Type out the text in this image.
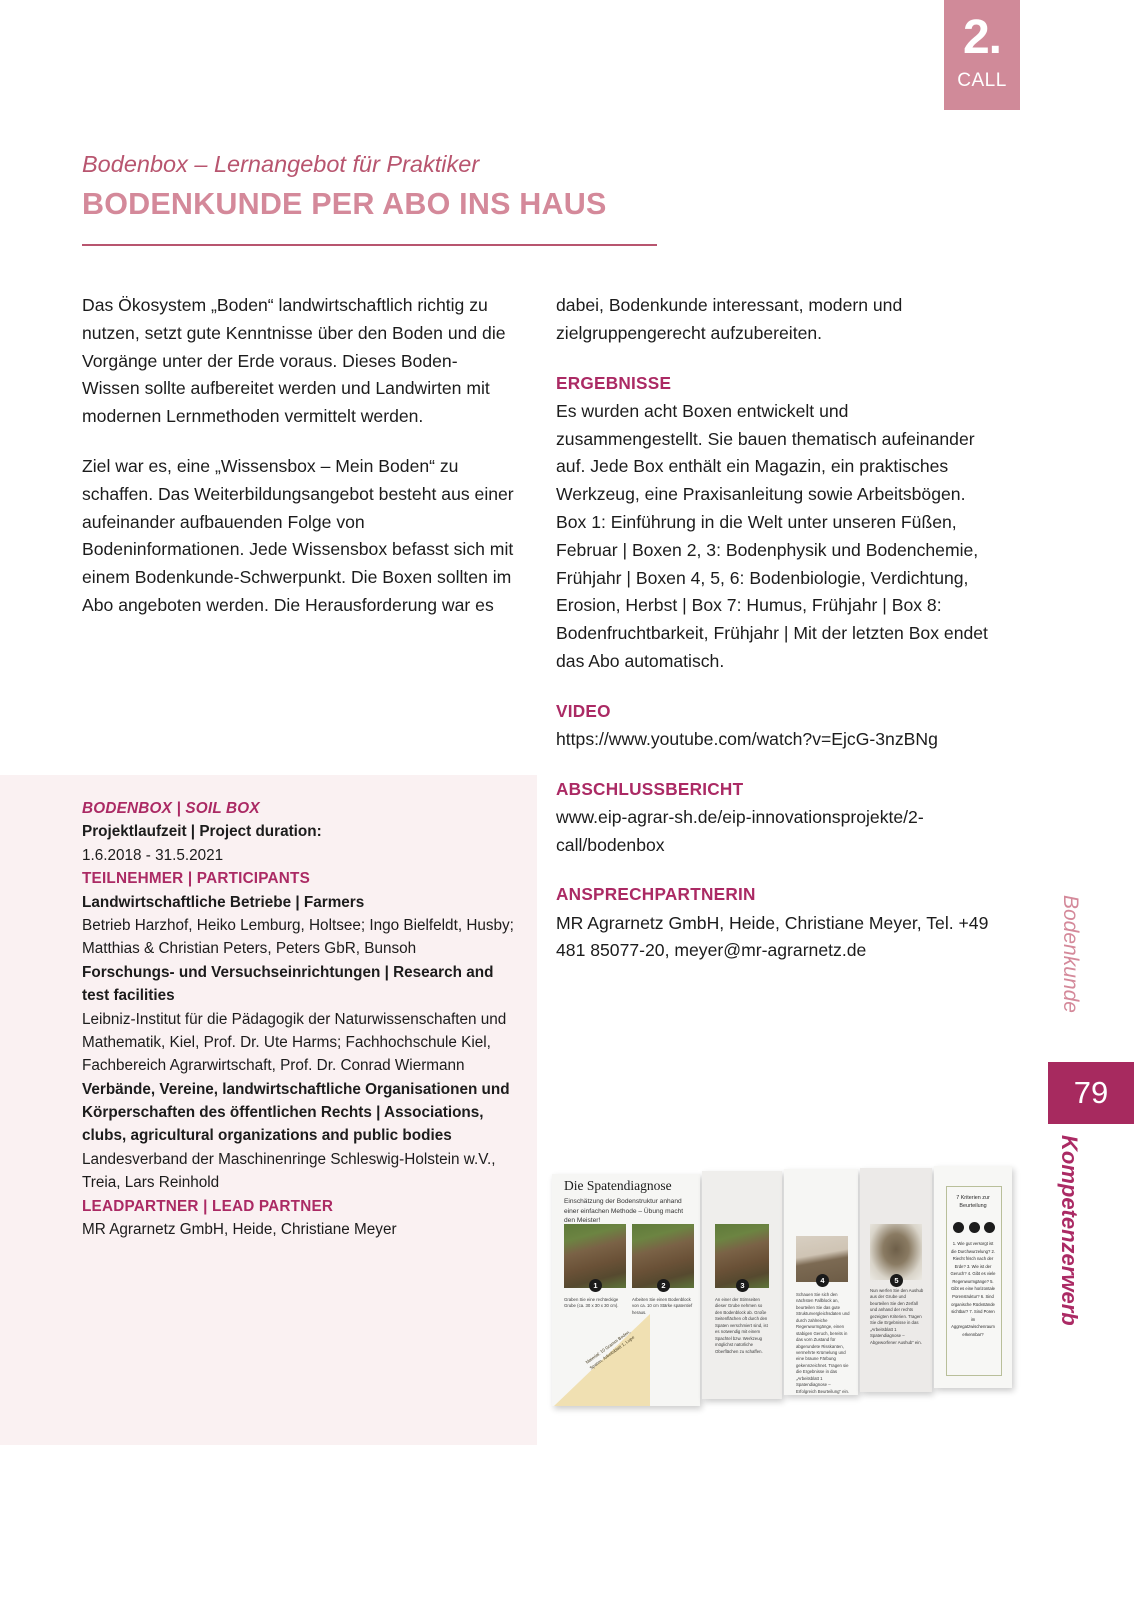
2.
CALL
Bodenbox – Lernangebot für Praktiker
BODENKUNDE PER ABO INS HAUS

Das Ökosystem „Boden“ landwirtschaftlich richtig zu nutzen, setzt gute Kenntnisse über den Boden und die Vorgänge unter der Erde voraus. Dieses Boden-Wissen sollte aufbereitet werden und Landwirten mit modernen Lernmethoden vermittelt werden.

Ziel war es, eine „Wissensbox – Mein Boden“ zu schaffen. Das Weiterbildungsangebot besteht aus einer aufeinander aufbauenden Folge von Bodeninformationen. Jede Wissensbox befasst sich mit einem Bodenkunde-Schwerpunkt. Die Boxen sollten im Abo angeboten werden. Die Herausforderung war es

dabei, Bodenkunde interessant, modern und zielgruppengerecht aufzubereiten.

ERGEBNISSE

Es wurden acht Boxen entwickelt und zusammengestellt. Sie bauen thematisch aufeinander auf. Jede Box enthält ein Magazin, ein praktisches Werkzeug, eine Praxisanleitung sowie Arbeitsbögen.

Box 1: Einführung in die Welt unter unseren Füßen, Februar | Boxen 2, 3: Bodenphysik und Bodenchemie, Frühjahr | Boxen 4, 5, 6: Bodenbiologie, Verdichtung, Erosion, Herbst | Box 7: Humus, Frühjahr | Box 8: Bodenfruchtbarkeit, Frühjahr | Mit der letzten Box endet das Abo automatisch.

VIDEO

https://www.youtube.com/watch?v=EjcG-3nzBNg

ABSCHLUSSBERICHT

www.eip-agrar-sh.de/eip-innovationsprojekte/2-call/bodenbox

ANSPRECHPARTNERIN

MR Agrarnetz GmbH, Heide, Christiane Meyer, Tel. +49 481 85077-20, meyer@mr-agrarnetz.de

BODENBOX | SOIL BOX
Projektlaufzeit | Project duration:
1.6.2018 - 31.5.2021
TEILNEHMER | PARTICIPANTS
Landwirtschaftliche Betriebe | Farmers
Betrieb Harzhof, Heiko Lemburg, Holtsee; Ingo Bielfeldt, Husby; Matthias & Christian Peters, Peters GbR, Bunsoh
Forschungs- und Versuchseinrichtungen | Research and test facilities
Leibniz-Institut für die Pädagogik der Naturwissenschaften und Mathematik, Kiel, Prof. Dr. Ute Harms; Fachhochschule Kiel, Fachbereich Agrarwirtschaft, Prof. Dr. Conrad Wiermann
Verbände, Vereine, landwirtschaftliche Organisationen und Körperschaften des öffentlichen Rechts | Associations, clubs, agricultural organizations and public bodies
Landesverband der Maschinenringe Schleswig-Holstein w.V., Treia, Lars Reinhold
LEADPARTNER | LEAD PARTNER
MR Agrarnetz GmbH, Heide, Christiane Meyer
Bodenkunde
79
Kompetenzerwerb
Die Spatendiagnose
Einschätzung der Bodenstruktur anhand einer einfachen Methode – Übung macht den Meister!
1	2	3
4	5
Graben Sie eine rechteckige Grube (ca. 30 x 30 x 30 cm).
Arbeiten Sie einen Bodenblock von ca. 10 cm Stärke spatentief heraus.
An einer der Stirnseiten dieser Grube nehmen so den Bodenblock ab. Große Seitenflächen oft durch den Spaten verschmiert sind, ist es notwendig mit einem Spachtel bzw. Werkzeug möglichst natürliche Oberflächen zu schaffen.
Schauen Sie sich den nächsten Fallblock an, beurteilen Sie das gute Strukturvergleichsdaten und durch zahlreiche Regenwurmgänge, einen stabigen Geruch, bereits in das vorn Zustand für abgerundete Risskanten, vermehrte Krümelung und eine braune Färbung gekennzeichnet. Tragen sie die Ergebnisse in das „Arbeitsblatt 1 Spatendiagnose – Erfolgreich Beurteilung“ ein.
Nun werfen Sie den Aushub aus der Grube und beurteilen Sie den Zerfall und anhand der rechts gezeigten Kriterien. Tragen Sie die Ergebnisse in das „Arbeitsblatt 1 Spatendiagnose – Abgeworfener Aushub“ ein.
7 Kriterien zur Beurteilung
1. Wie gut versorgt ist die Durchwurzelung? 2. Riecht frisch nach der Erde? 3. Wie ist der Geruch? 4. Gibt es viele Regenwurmgänge? 5. Gibt es eine horizontale Porenstruktur? 6. Sind organische Rückstände sichtbar? 7. Sind Poren im Aggregatzwischenraum erkennbar?
Material: 10 Gramm Boden, Spaten, Arbeitsblatt 1, Lupe
